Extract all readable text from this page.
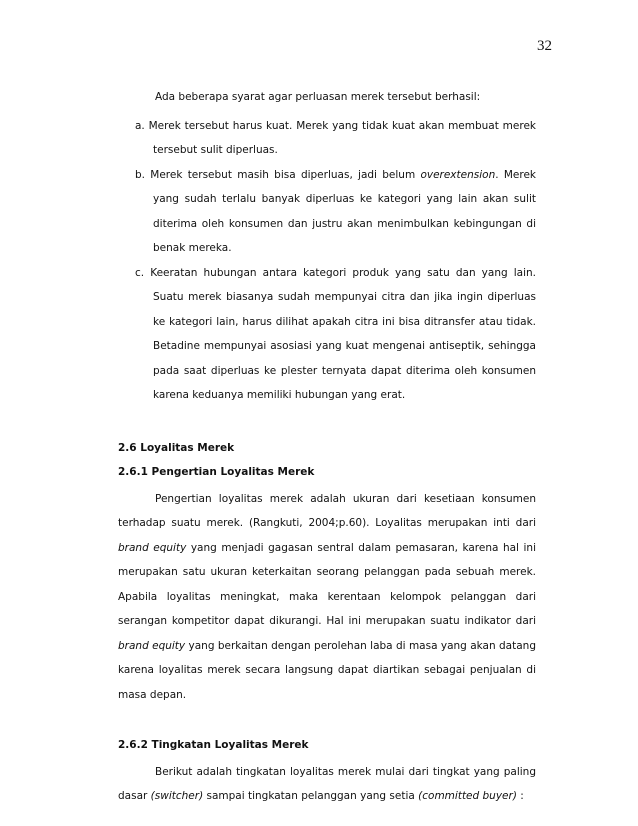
32

Ada beberapa syarat agar perluasan merek tersebut berhasil:

a. Merek tersebut harus kuat. Merek yang tidak kuat akan membuat merek tersebut sulit diperluas.
b. Merek tersebut masih bisa diperluas, jadi belum overextension. Merek yang sudah terlalu banyak diperluas ke kategori yang lain akan sulit diterima oleh konsumen dan justru akan menimbulkan kebingungan di benak mereka.
c. Keeratan hubungan antara kategori produk yang satu dan yang lain. Suatu merek biasanya sudah mempunyai citra dan jika ingin diperluas ke kategori lain, harus dilihat apakah citra ini bisa ditransfer atau tidak. Betadine mempunyai asosiasi yang kuat mengenai antiseptik, sehingga pada saat diperluas ke plester ternyata dapat diterima oleh konsumen karena keduanya memiliki hubungan yang erat.

2.6 Loyalitas Merek

2.6.1 Pengertian Loyalitas Merek

Pengertian loyalitas merek adalah ukuran dari kesetiaan konsumen terhadap suatu merek. (Rangkuti, 2004;p.60). Loyalitas merupakan inti dari brand equity yang menjadi gagasan sentral dalam pemasaran, karena hal ini merupakan satu ukuran keterkaitan seorang pelanggan pada sebuah merek. Apabila loyalitas meningkat, maka kerentaan kelompok pelanggan dari serangan kompetitor dapat dikurangi. Hal ini merupakan suatu indikator dari brand equity yang berkaitan dengan perolehan laba di masa yang akan datang karena loyalitas merek secara langsung dapat diartikan sebagai penjualan di masa depan.

2.6.2 Tingkatan Loyalitas Merek

Berikut adalah tingkatan loyalitas merek mulai dari tingkat yang paling dasar (switcher) sampai tingkatan pelanggan yang setia (committed buyer) :
